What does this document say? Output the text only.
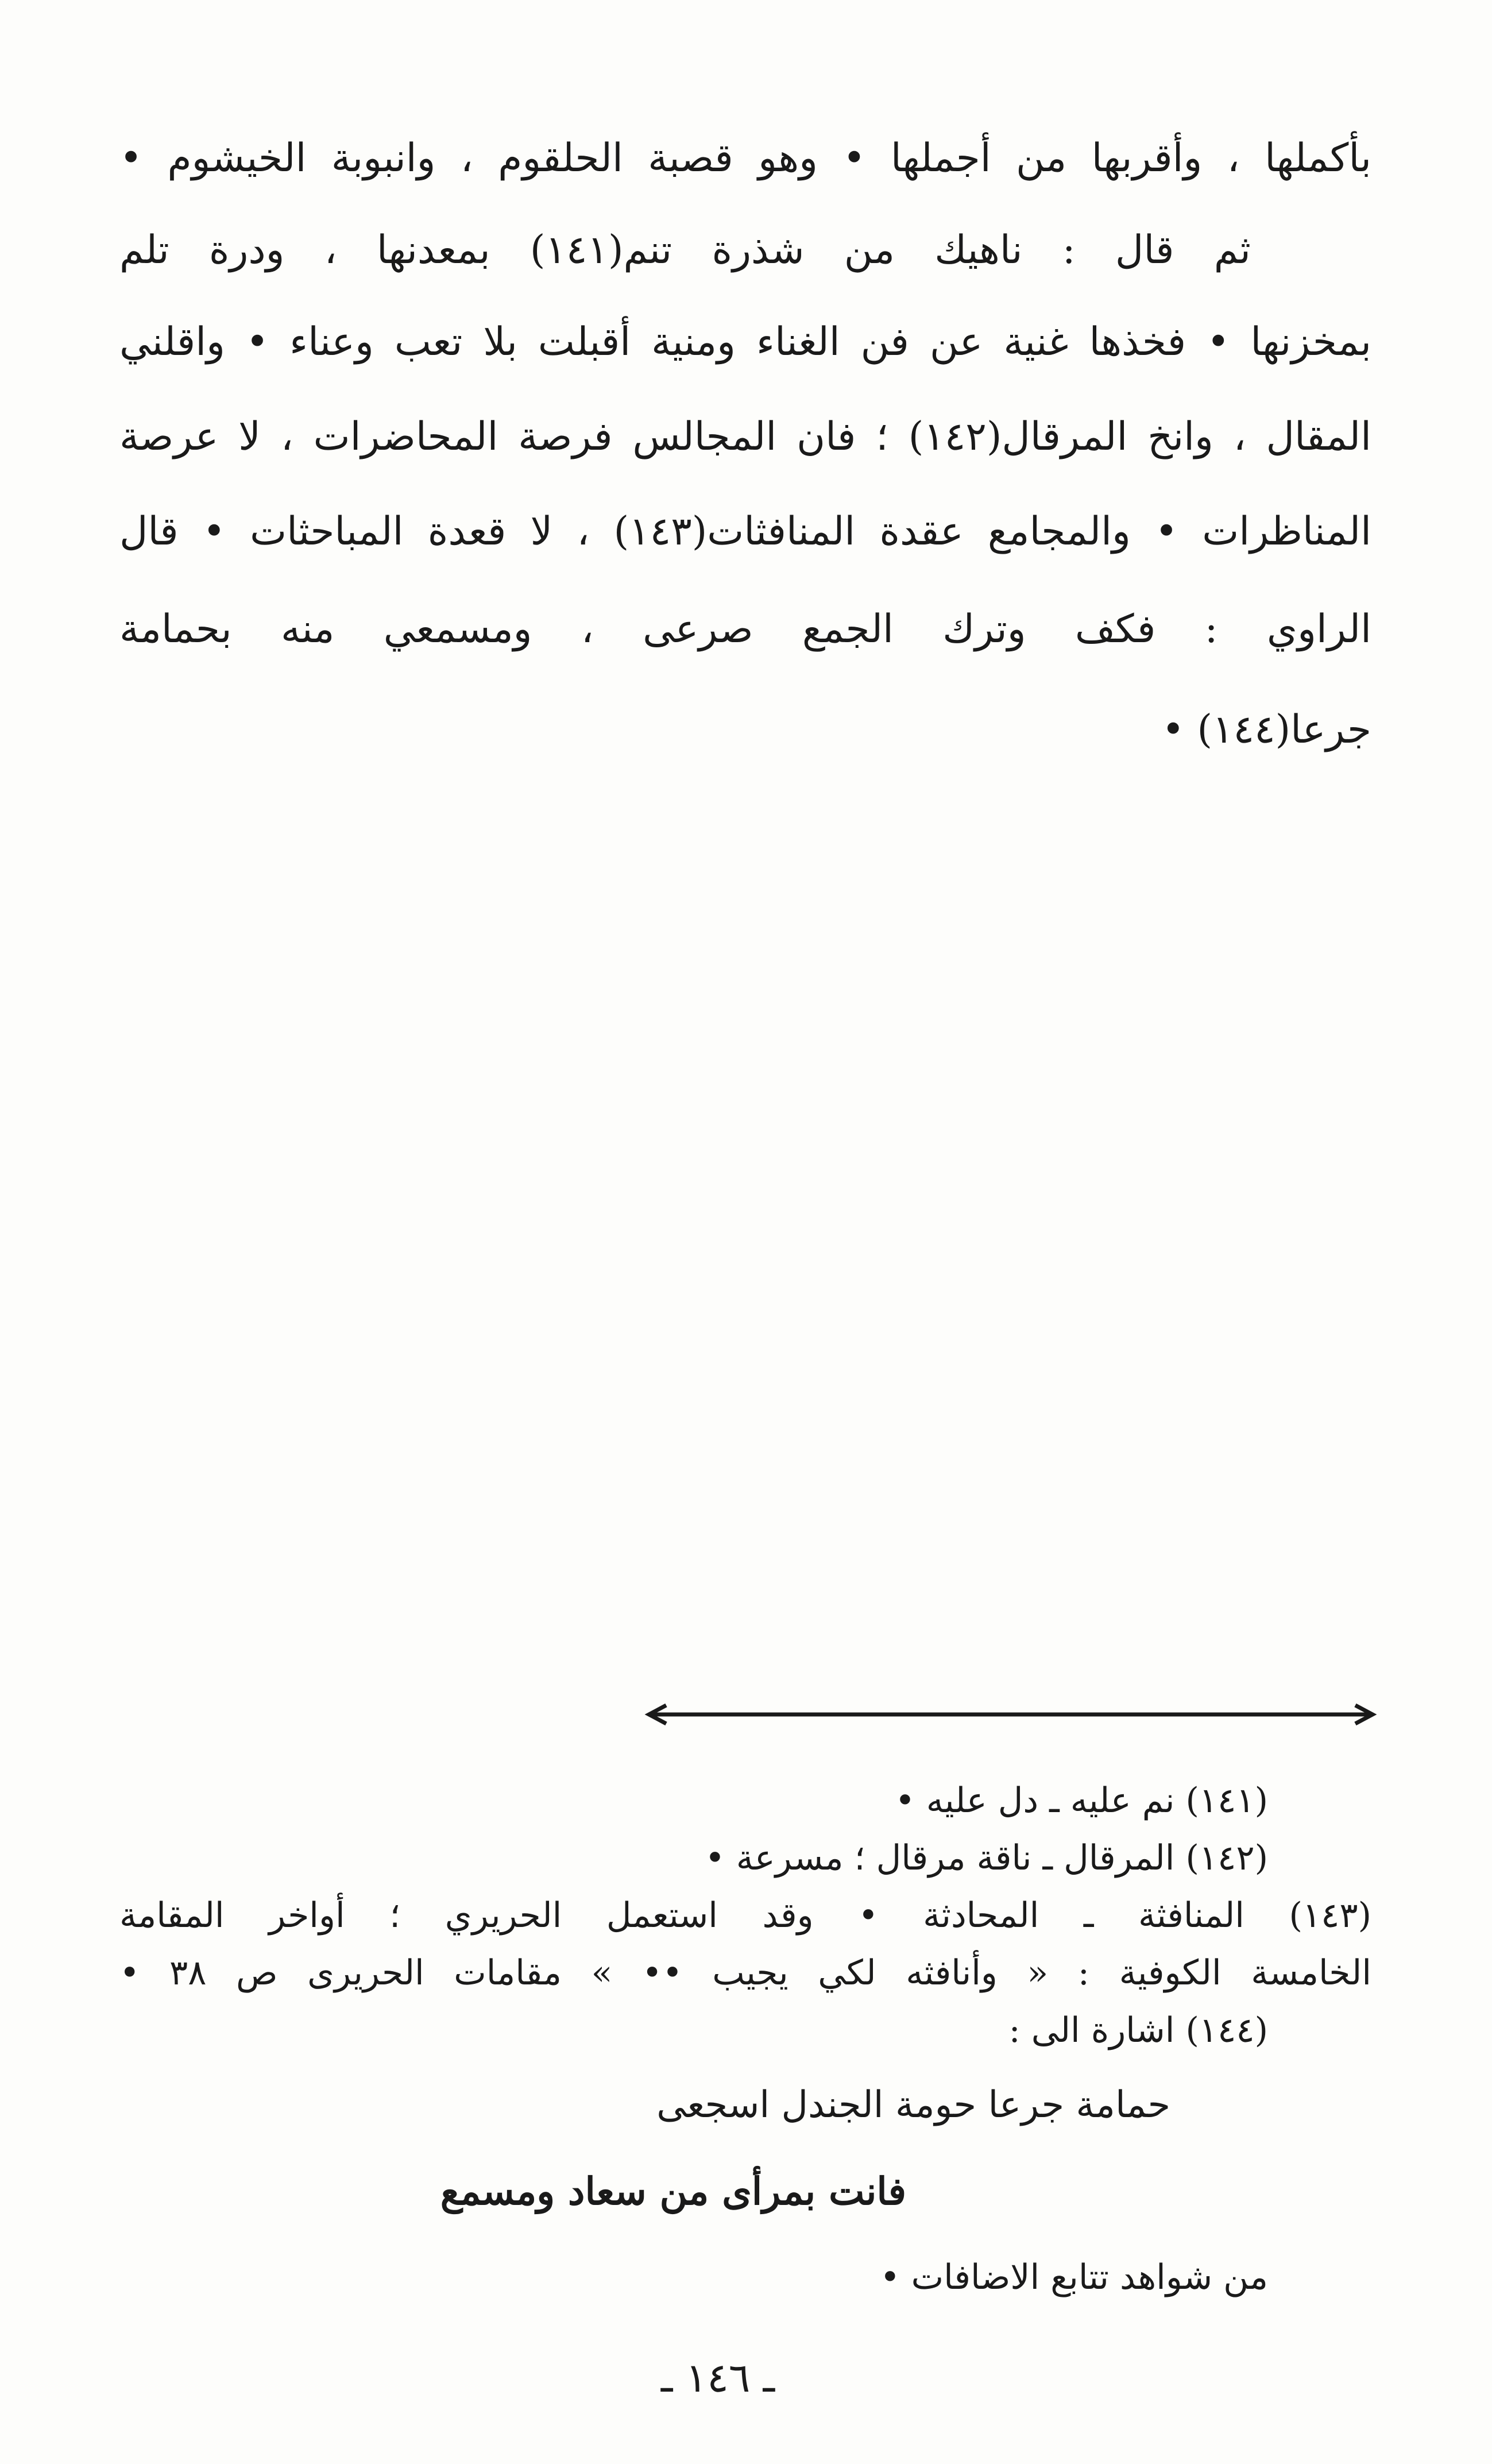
بأكملها ، وأقربها من أجملها • وهو قصبة الحلقوم ، وانبوبة الخيشوم •
ثم قال : ناهيك من شذرة تنم(١٤١) بمعدنها ، ودرة تلم
بمخزنها • فخذها غنية عن فن الغناء ومنية أقبلت بلا تعب وعناء • واقلني
المقال ، وانخ المرقال(١٤٢) ؛ فان المجالس فرصة المحاضرات ، لا عرصة
المناظرات • والمجامع عقدة المنافثات(١٤٣) ، لا قعدة المباحثات • قال
الراوي : فكف وترك الجمع صرعى ، ومسمعي منه بحمامة
جرعا(١٤٤) •
(١٤١) نم عليه ـ دل عليه •
(١٤٢) المرقال ـ ناقة مرقال ؛ مسرعة •
(١٤٣) المنافثة ـ المحادثة • وقد استعمل الحريري ؛ أواخر المقامة
الخامسة الكوفية : « وأنافثه لكي يجيب •• » مقامات الحريرى ص ٣٨ •
(١٤٤) اشارة الى :
حمامة جرعا حومة الجندل اسجعى
فانت بمرأى من سعاد ومسمع
من شواهد تتابع الاضافات •
ـ ١٤٦ ـ
